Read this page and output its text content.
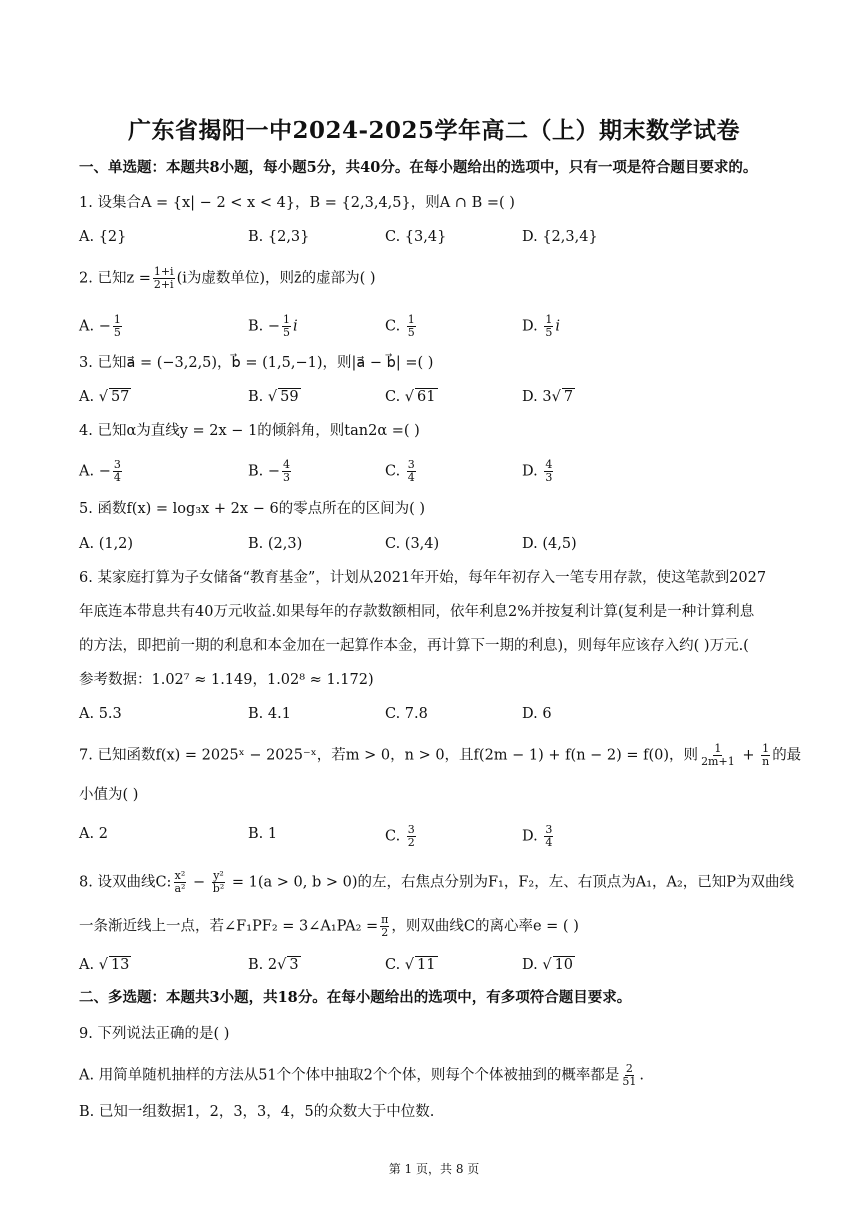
广东省揭阳一中2024-2025学年高二（上）期末数学试卷
一、单选题：本题共8小题，每小题5分，共40分。在每小题给出的选项中，只有一项是符合题目要求的。
1. 设集合A = {x| − 2 < x < 4}，B = {2,3,4,5}，则A ∩ B =( )
A. {2}	B. {2,3}	C. {3,4}	D. {2,3,4}
2. 已知$z = \frac{1+i}{2+i} (i$为虚数单位)，则z̄的虚部为( )
A. − $\frac{1}{5}$	B. − $\frac{1}{5}$ i	C. $\frac{1}{5}$	D. $\frac{1}{5}$ i
3. 已知a⃗ = (−3,2,5)，b⃗ = (1,5,−1)，则|a⃗ − b⃗| =( )
A. √ 57	B. √ 59	C. √ 61	D. 3√ 7
4. 已知α为直线y = 2x − 1的倾斜角，则tan2α =( )
A. − $\frac{3}{4}$	B. − $\frac{4}{3}$	C. $\frac{3}{4}$	D. $\frac{4}{3}$
5. 函数f(x) = log₃x + 2x − 6的零点所在的区间为( )
A. (1,2)	B. (2,3)	C. (3,4)	D. (4,5)
6. 某家庭打算为子女储备“教育基金”，计划从2021年开始，每年年初存入一笔专用存款，使这笔款到2027
年底连本带息共有40万元收益.如果每年的存款数额相同，依年利息2%并按复利计算(复利是一种计算利息
的方法，即把前一期的利息和本金加在一起算作本金，再计算下一期的利息)，则每年应该存入约( )万元.(
参考数据：1.02⁷ ≈ 1.149，1.02⁸ ≈ 1.172)
A. 5.3	B. 4.1	C. 7.8	D. 6
7. 已知函数f(x) = 2025ˣ − 2025⁻ˣ，若m > 0，n > 0，且f(2m − 1) + f(n − 2) = f(0)，则 $\frac{1}{2m+1} + \frac{1}{n}$ 的最
小值为( )
A. 2	B. 1	C. $\frac{3}{2}$	D. $\frac{3}{4}$
8. 设双曲线C: $\frac{\text{x²}}{\text{a²}} - \frac{\text{y²}}{\text{b²}} = 1(a > 0$, b > 0)的左，右焦点分别为F₁，F₂，左、右顶点为A₁，A₂，已知P为双曲线
一条渐近线上一点，若∠F₁PF₂ = 3∠A₁PA₂ = $\frac{\pi}{2}$ ，则双曲线C的离心率e = ( )
A. √ 13	B. 2√ 3	C. √ 11	D. √ 10
二、多选题：本题共3小题，共18分。在每小题给出的选项中，有多项符合题目要求。
9. 下列说法正确的是( )
A. 用简单随机抽样的方法从51个个体中抽取2个个体，则每个个体被抽到的概率都是 $\frac{2}{51}$ .
B. 已知一组数据1，2，3，3，4，5的众数大于中位数.
第 1 页，共 8 页
